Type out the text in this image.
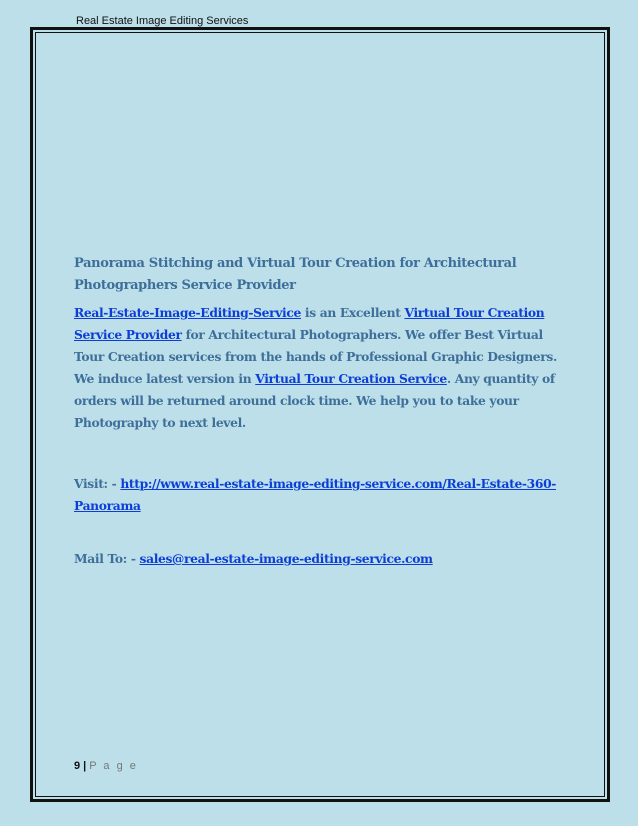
Real Estate Image Editing Services

Panorama Stitching and Virtual Tour Creation for Architectural Photographers Service Provider

Real-Estate-Image-Editing-Service is an Excellent Virtual Tour Creation Service Provider for Architectural Photographers. We offer Best Virtual Tour Creation services from the hands of Professional Graphic Designers. We induce latest version in Virtual Tour Creation Service. Any quantity of orders will be returned around clock time. We help you to take your Photography to next level.

Visit: - http://www.real-estate-image-editing-service.com/Real-Estate-360-Panorama

Mail To: - sales@real-estate-image-editing-service.com

9 | P a g e
